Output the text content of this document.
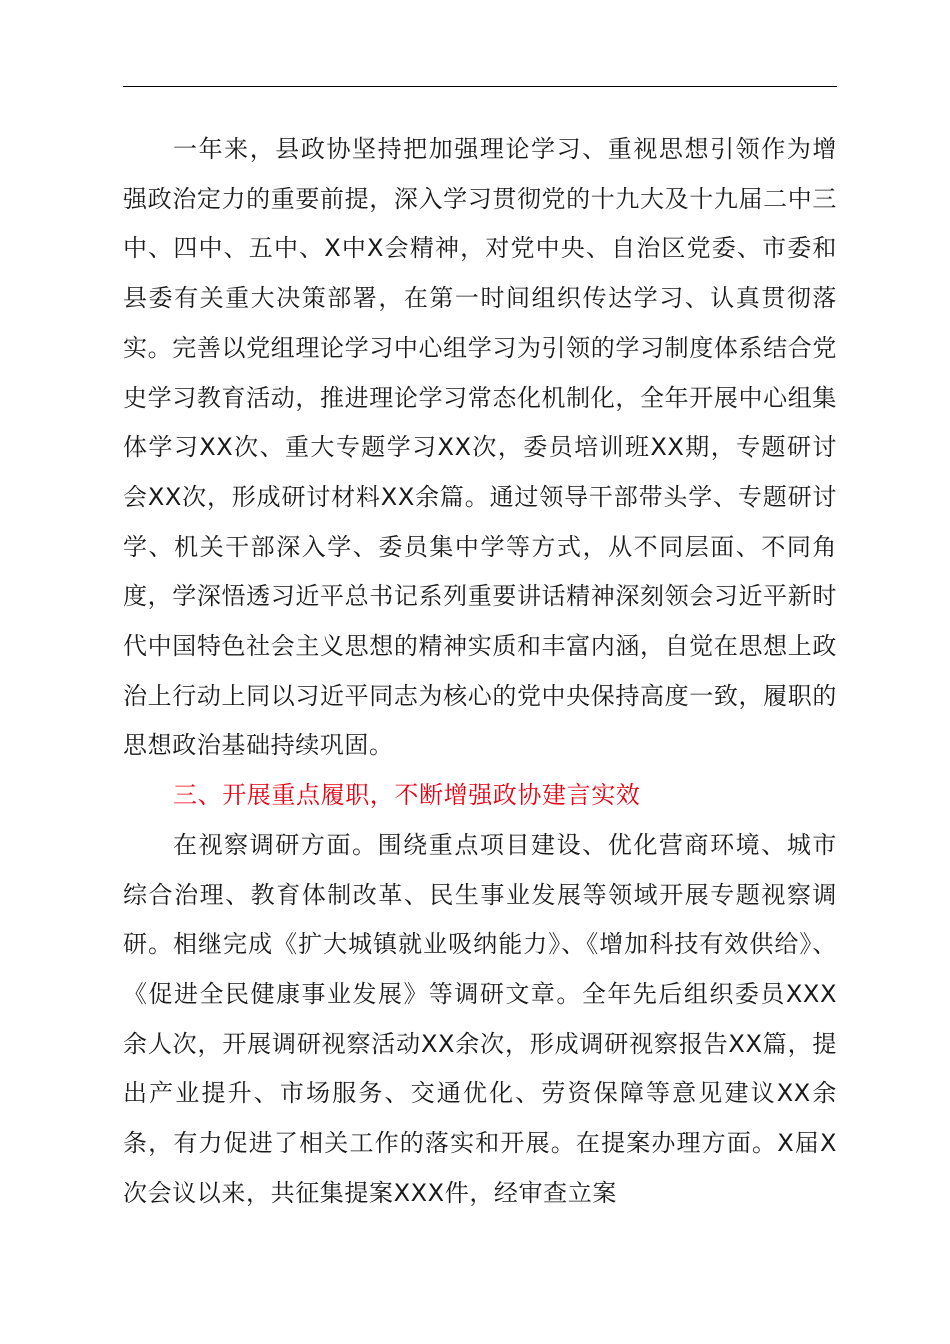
一年来，县政协坚持把加强理论学习、重视思想引领作为增强政治定力的重要前提，深入学习贯彻党的十九大及十九届二中三中、四中、五中、X中X会精神，对党中央、自治区党委、市委和县委有关重大决策部署，在第一时间组织传达学习、认真贯彻落实。完善以党组理论学习中心组学习为引领的学习制度体系结合党史学习教育活动，推进理论学习常态化机制化，全年开展中心组集体学习XX次、重大专题学习XX次，委员培训班XX期，专题研讨会XX次，形成研讨材料XX余篇。通过领导干部带头学、专题研讨学、机关干部深入学、委员集中学等方式，从不同层面、不同角度，学深悟透习近平总书记系列重要讲话精神深刻领会习近平新时代中国特色社会主义思想的精神实质和丰富内涵，自觉在思想上政治上行动上同以习近平同志为核心的党中央保持高度一致，履职的思想政治基础持续巩固。

三、开展重点履职，不断增强政协建言实效

在视察调研方面。围绕重点项目建设、优化营商环境、城市综合治理、教育体制改革、民生事业发展等领域开展专题视察调研。相继完成《扩大城镇就业吸纳能力》、《增加科技有效供给》、《促进全民健康事业发展》等调研文章。全年先后组织委员XXX余人次，开展调研视察活动XX余次，形成调研视察报告XX篇，提出产业提升、市场服务、交通优化、劳资保障等意见建议XX余条，有力促进了相关工作的落实和开展。在提案办理方面。X届X次会议以来，共征集提案XXX件，经审查立案
